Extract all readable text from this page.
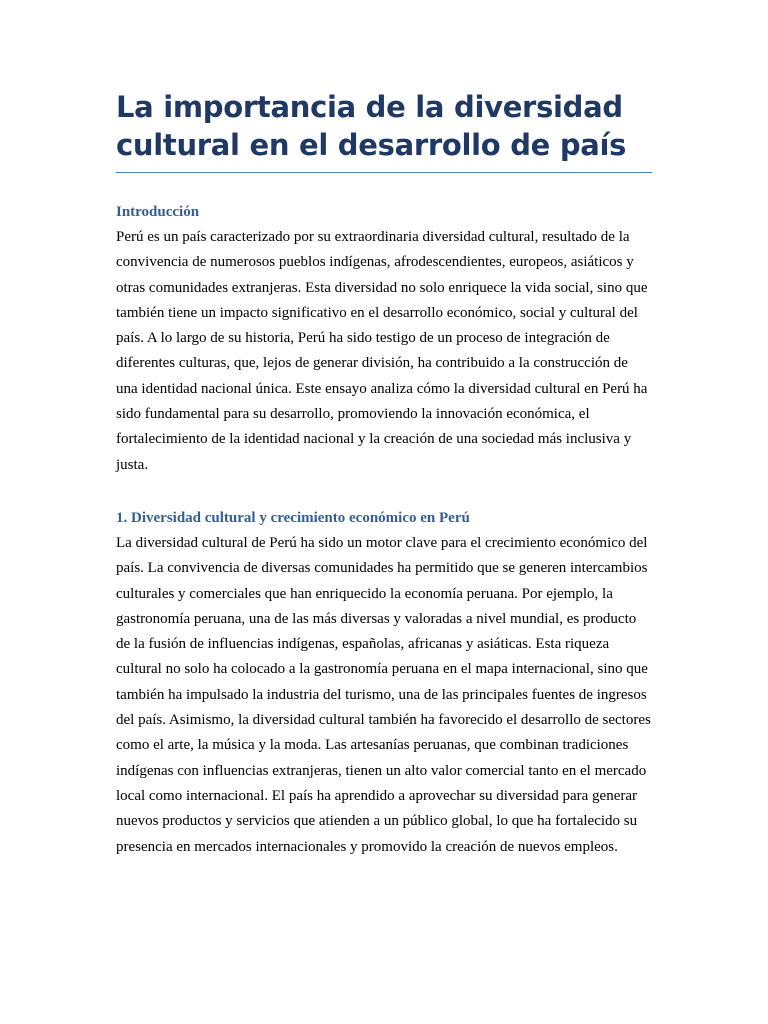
La importancia de la diversidad cultural en el desarrollo de país
Introducción

Perú es un país caracterizado por su extraordinaria diversidad cultural, resultado de la convivencia de numerosos pueblos indígenas, afrodescendientes, europeos, asiáticos y otras comunidades extranjeras. Esta diversidad no solo enriquece la vida social, sino que también tiene un impacto significativo en el desarrollo económico, social y cultural del país. A lo largo de su historia, Perú ha sido testigo de un proceso de integración de diferentes culturas, que, lejos de generar división, ha contribuido a la construcción de una identidad nacional única. Este ensayo analiza cómo la diversidad cultural en Perú ha sido fundamental para su desarrollo, promoviendo la innovación económica, el fortalecimiento de la identidad nacional y la creación de una sociedad más inclusiva y justa.

1. Diversidad cultural y crecimiento económico en Perú

La diversidad cultural de Perú ha sido un motor clave para el crecimiento económico del país. La convivencia de diversas comunidades ha permitido que se generen intercambios culturales y comerciales que han enriquecido la economía peruana. Por ejemplo, la gastronomía peruana, una de las más diversas y valoradas a nivel mundial, es producto de la fusión de influencias indígenas, españolas, africanas y asiáticas. Esta riqueza cultural no solo ha colocado a la gastronomía peruana en el mapa internacional, sino que también ha impulsado la industria del turismo, una de las principales fuentes de ingresos del país. Asimismo, la diversidad cultural también ha favorecido el desarrollo de sectores como el arte, la música y la moda. Las artesanías peruanas, que combinan tradiciones indígenas con influencias extranjeras, tienen un alto valor comercial tanto en el mercado local como internacional. El país ha aprendido a aprovechar su diversidad para generar nuevos productos y servicios que atienden a un público global, lo que ha fortalecido su presencia en mercados internacionales y promovido la creación de nuevos empleos.
